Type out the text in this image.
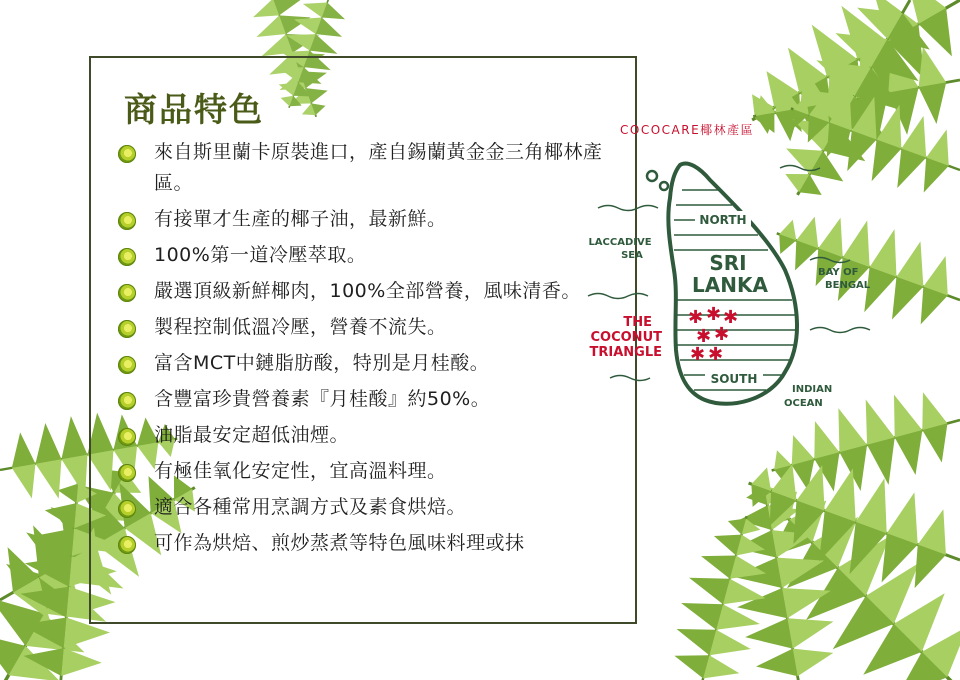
商品特色
來自斯里蘭卡原裝進口，產自錫蘭黃金金三角椰林產區。
有接單才生產的椰子油，最新鮮。
100%第一道冷壓萃取。
嚴選頂級新鮮椰肉，100%全部營養，風味清香。
製程控制低溫冷壓，營養不流失。
富含MCT中鏈脂肪酸，特別是月桂酸。
含豐富珍貴營養素『月桂酸』約50%。
油脂最安定超低油煙。
有極佳氧化安定性，宜高溫料理。
適合各種常用烹調方式及素食烘焙。
可作為烘焙、煎炒蒸煮等特色風味料理或抹
COCOCARE椰林產區
NORTH
SRI
LANKA
✱ ✱ ✱
✱ ✱
✱ ✱
SOUTH
LACCADIVE
SEA
BAY OF
BENGAL
INDIAN
OCEAN
THE
COCONUT
TRIANGLE
